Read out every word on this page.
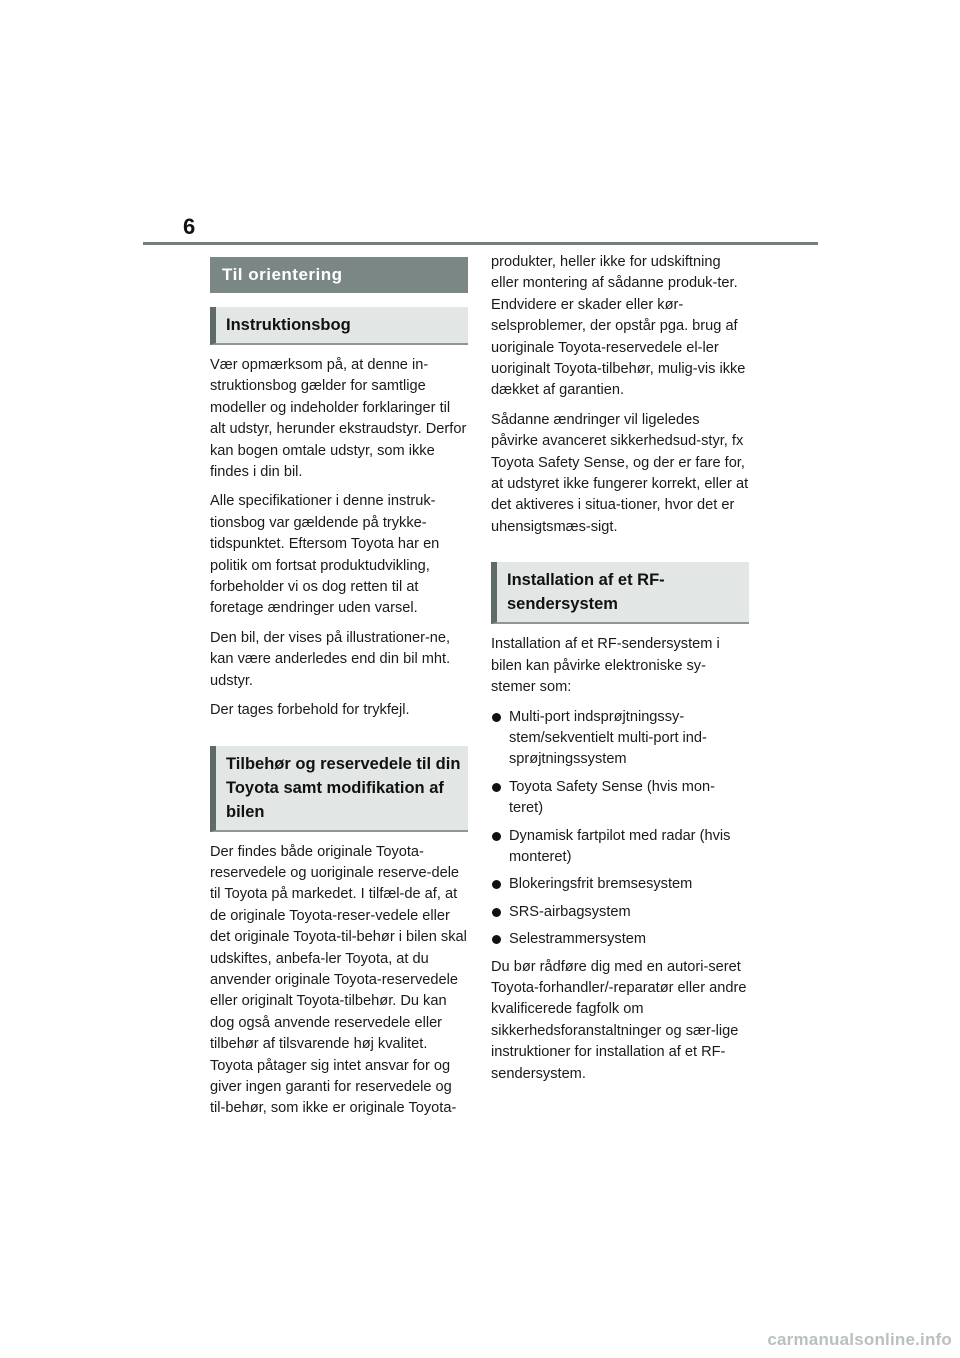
6
Til orientering
Instruktionsbog

Vær opmærksom på, at denne in-struktionsbog gælder for samtlige modeller og indeholder forklaringer til alt udstyr, herunder ekstraudstyr. Derfor kan bogen omtale udstyr, som ikke findes i din bil.

Alle specifikationer i denne instruk-tionsbog var gældende på trykke-tidspunktet. Eftersom Toyota har en politik om fortsat produktudvikling, forbeholder vi os dog retten til at foretage ændringer uden varsel.

Den bil, der vises på illustrationer-ne, kan være anderledes end din bil mht. udstyr.

Der tages forbehold for trykfejl.

Tilbehør og reservedele til din Toyota samt modifikation af bilen

Der findes både originale Toyota-reservedele og uoriginale reserve-dele til Toyota på markedet. I tilfæl-de af, at de originale Toyota-reser-vedele eller det originale Toyota-til-behør i bilen skal udskiftes, anbefa-ler Toyota, at du anvender originale Toyota-reservedele eller originalt Toyota-tilbehør. Du kan dog også anvende reservedele eller tilbehør af tilsvarende høj kvalitet. Toyota påtager sig intet ansvar for og giver ingen garanti for reservedele og til-behør, som ikke er originale Toyota-

produkter, heller ikke for udskiftning eller montering af sådanne produk-ter. Endvidere er skader eller kør-selsproblemer, der opstår pga. brug af uoriginale Toyota-reservedele el-ler uoriginalt Toyota-tilbehør, mulig-vis ikke dækket af garantien.

Sådanne ændringer vil ligeledes påvirke avanceret sikkerhedsud-styr, fx Toyota Safety Sense, og der er fare for, at udstyret ikke fungerer korrekt, eller at det aktiveres i situa-tioner, hvor det er uhensigtsmæs-sigt.

Installation af et RF-sendersystem

Installation af et RF-sendersystem i bilen kan påvirke elektroniske sy-stemer som:

Multi-port indsprøjtningssy-stem/sekventielt multi-port ind-sprøjtningssystem
Toyota Safety Sense (hvis mon-teret)
Dynamisk fartpilot med radar (hvis monteret)
Blokeringsfrit bremsesystem
SRS-airbagsystem
Selestrammersystem

Du bør rådføre dig med en autori-seret Toyota-forhandler/-reparatør eller andre kvalificerede fagfolk om sikkerhedsforanstaltninger og sær-lige instruktioner for installation af et RF-sendersystem.

carmanualsonline.info
